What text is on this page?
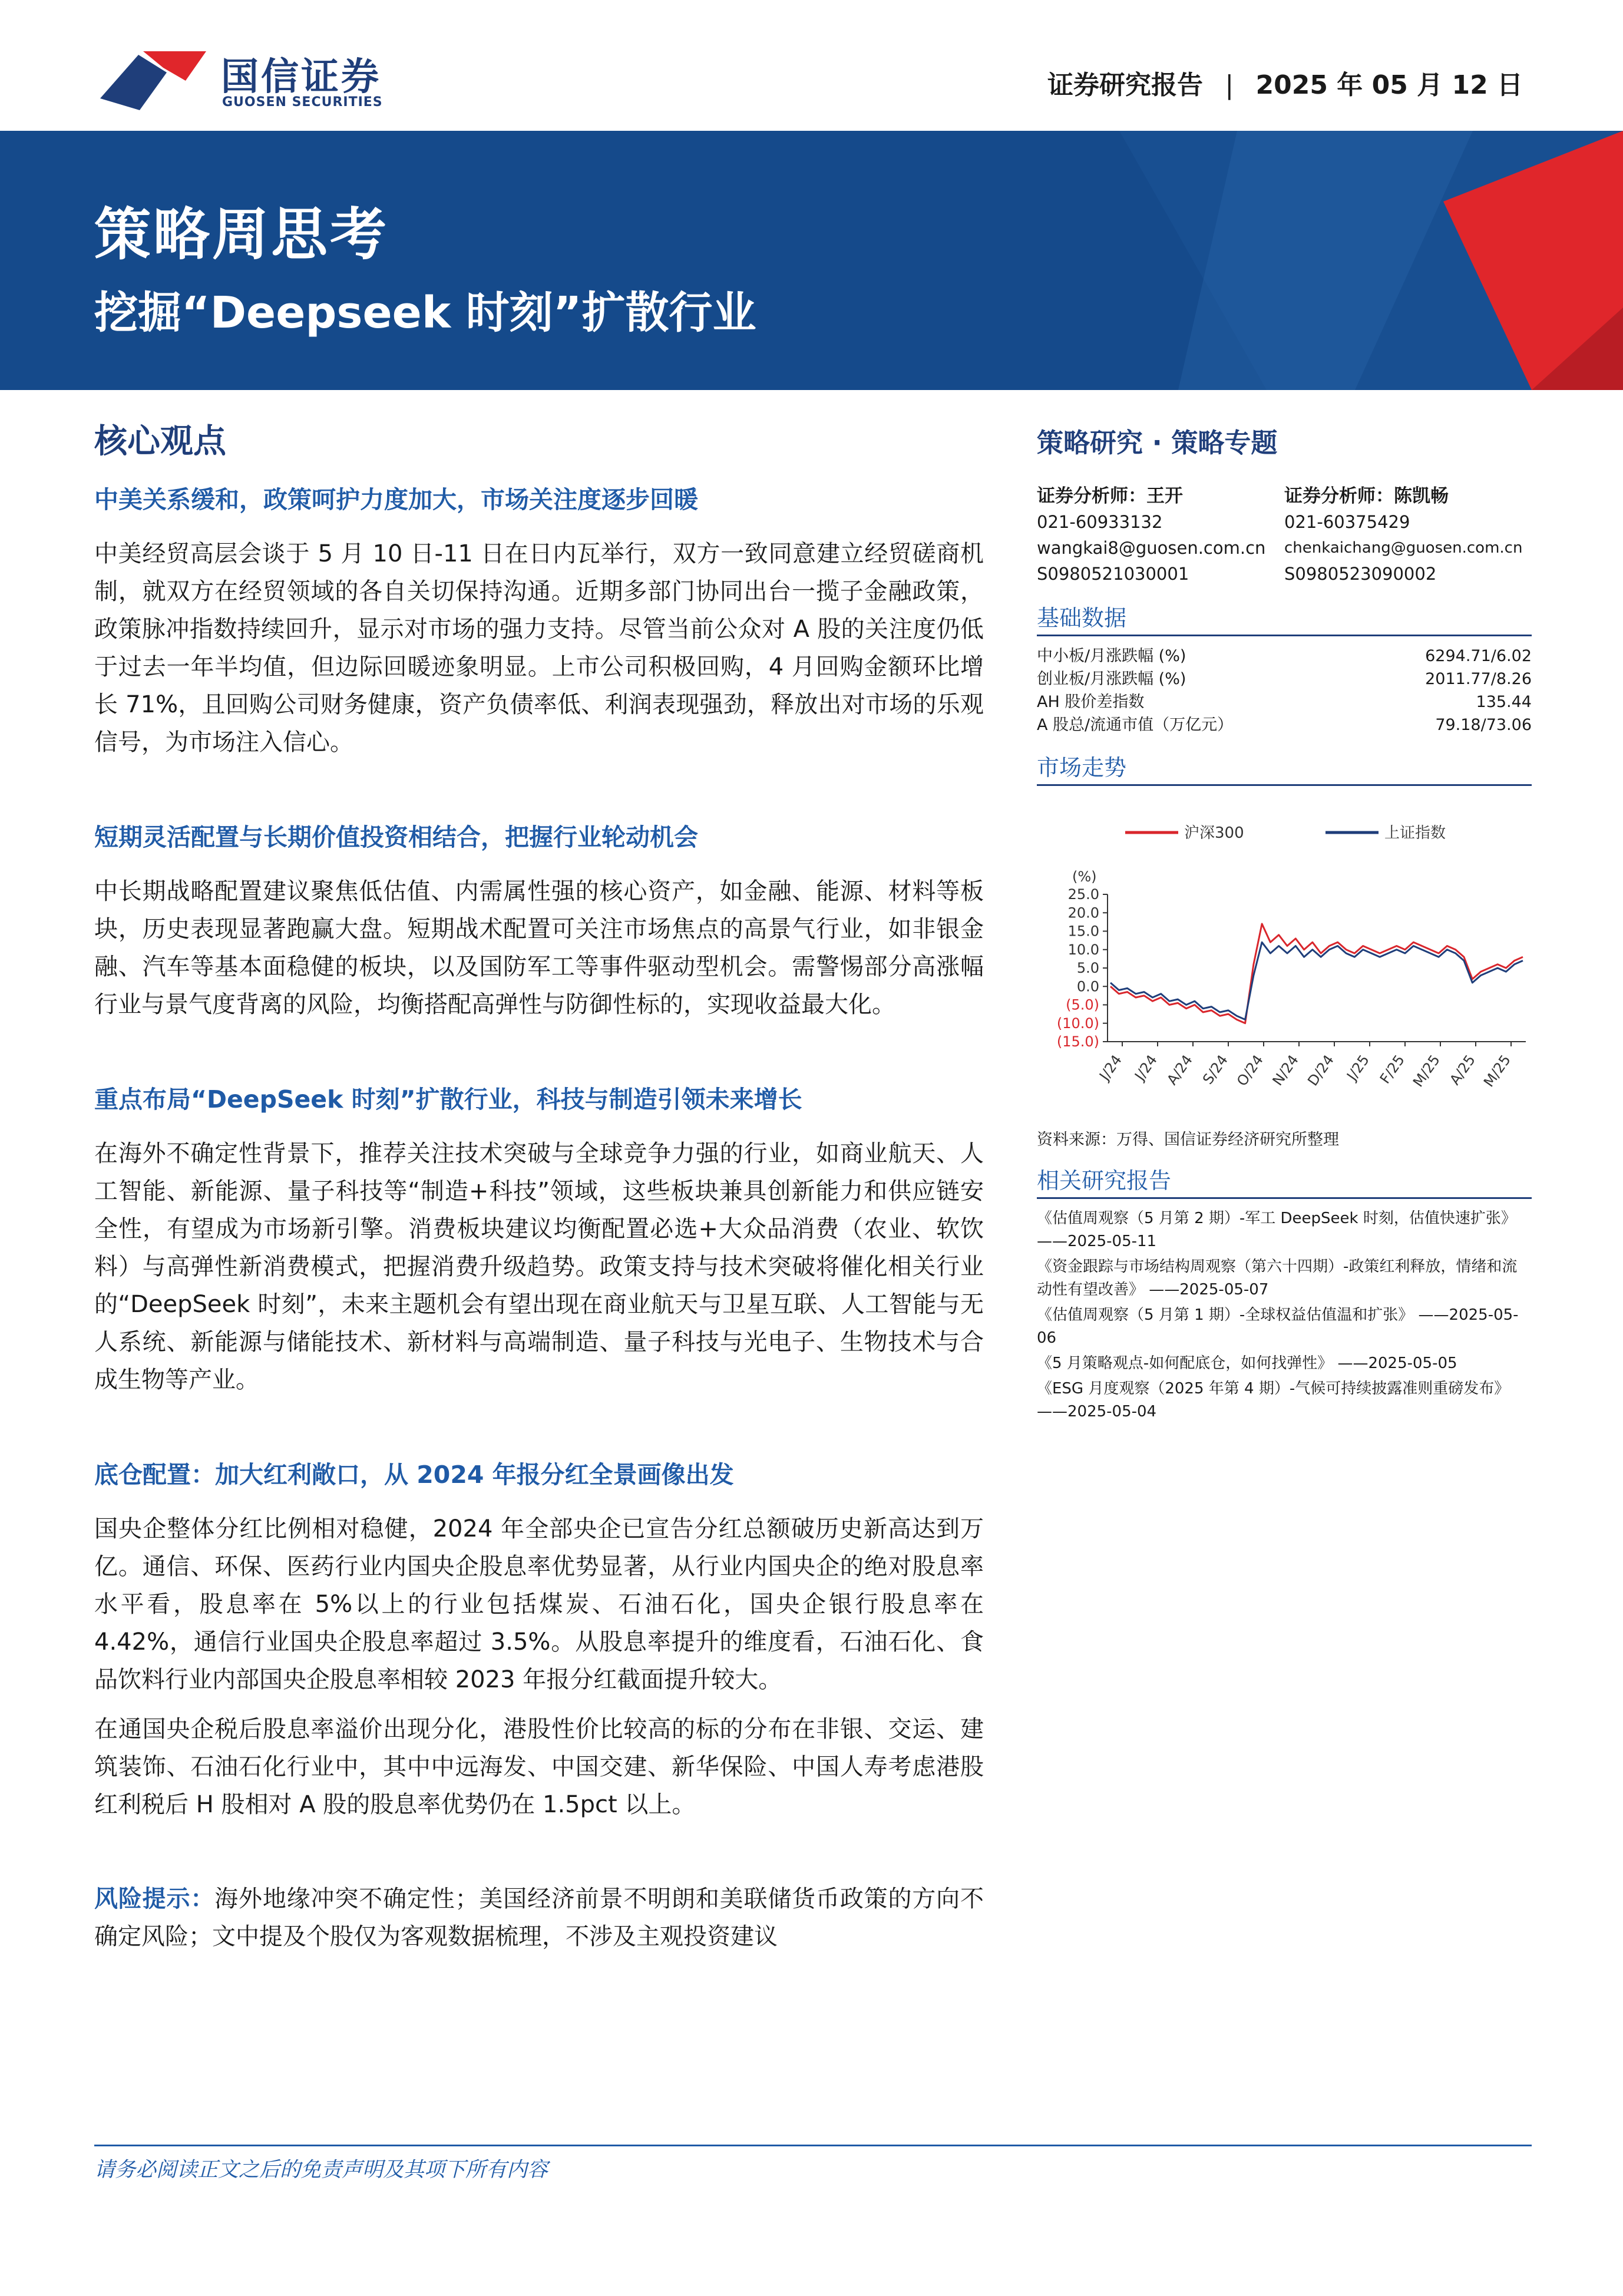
国信证券
GUOSEN SECURITIES
证券研究报告 | 2025 年 05 月 12 日
策略周思考
挖掘“Deepseek 时刻”扩散行业
核心观点
中美关系缓和，政策呵护力度加大，市场关注度逐步回暖

中美经贸高层会谈于 5 月 10 日-11 日在日内瓦举行，双方一致同意建立经贸磋商机制，就双方在经贸领域的各自关切保持沟通。近期多部门协同出台一揽子金融政策，政策脉冲指数持续回升，显示对市场的强力支持。尽管当前公众对 A 股的关注度仍低于过去一年半均值，但边际回暖迹象明显。上市公司积极回购，4 月回购金额环比增长 71%，且回购公司财务健康，资产负债率低、利润表现强劲，释放出对市场的乐观信号，为市场注入信心。

短期灵活配置与长期价值投资相结合，把握行业轮动机会

中长期战略配置建议聚焦低估值、内需属性强的核心资产，如金融、能源、材料等板块，历史表现显著跑赢大盘。短期战术配置可关注市场焦点的高景气行业，如非银金融、汽车等基本面稳健的板块，以及国防军工等事件驱动型机会。需警惕部分高涨幅行业与景气度背离的风险，均衡搭配高弹性与防御性标的，实现收益最大化。

重点布局“DeepSeek 时刻”扩散行业，科技与制造引领未来增长

在海外不确定性背景下，推荐关注技术突破与全球竞争力强的行业，如商业航天、人工智能、新能源、量子科技等“制造+科技”领域，这些板块兼具创新能力和供应链安全性，有望成为市场新引擎。消费板块建议均衡配置必选+大众品消费（农业、软饮料）与高弹性新消费模式，把握消费升级趋势。政策支持与技术突破将催化相关行业的“DeepSeek 时刻”，未来主题机会有望出现在商业航天与卫星互联、人工智能与无人系统、新能源与储能技术、新材料与高端制造、量子科技与光电子、生物技术与合成生物等产业。

底仓配置：加大红利敞口，从 2024 年报分红全景画像出发

国央企整体分红比例相对稳健，2024 年全部央企已宣告分红总额破历史新高达到万亿。通信、环保、医药行业内国央企股息率优势显著，从行业内国央企的绝对股息率水平看，股息率在 5%以上的行业包括煤炭、石油石化，国央企银行股息率在 4.42%，通信行业国央企股息率超过 3.5%。从股息率提升的维度看，石油石化、食品饮料行业内部国央企股息率相较 2023 年报分红截面提升较大。

在通国央企税后股息率溢价出现分化，港股性价比较高的标的分布在非银、交运、建筑装饰、石油石化行业中，其中中远海发、中国交建、新华保险、中国人寿考虑港股红利税后 H 股相对 A 股的股息率优势仍在 1.5pct 以上。

风险提示：海外地缘冲突不确定性；美国经济前景不明朗和美联储货币政策的方向不确定风险；文中提及个股仅为客观数据梳理，不涉及主观投资建议

策略研究 · 策略专题
证券分析师：王开
021-60933132
wangkai8@guosen.com.cn
S0980521030001
证券分析师：陈凯畅
021-60375429
chenkaichang@guosen.com.cn
S0980523090002
基础数据
中小板/月涨跌幅 (%)	6294.71/6.02
创业板/月涨跌幅 (%)	2011.77/8.26
AH 股价差指数	135.44
A 股总/流通市值（万亿元）	79.18/73.06
市场走势
沪深300	上证指数
(%)
25.0
20.0
15.0
10.0
5.0
0.0
(5.0)
(10.0)
(15.0)
J/24 J/24 A/24 S/24 O/24 N/24 D/24 J/25 F/25 M/25 A/25 M/25
资料来源：万得、国信证券经济研究所整理
相关研究报告
《估值周观察（5 月第 2 期）-军工 DeepSeek 时刻，估值快速扩张》——2025-05-11
《资金跟踪与市场结构周观察（第六十四期）-政策红利释放，情绪和流动性有望改善》 ——2025-05-07
《估值周观察（5 月第 1 期）-全球权益估值温和扩张》 ——2025-05-06
《5 月策略观点-如何配底仓，如何找弹性》 ——2025-05-05
《ESG 月度观察（2025 年第 4 期）-气候可持续披露准则重磅发布》 ——2025-05-04
请务必阅读正文之后的免责声明及其项下所有内容
